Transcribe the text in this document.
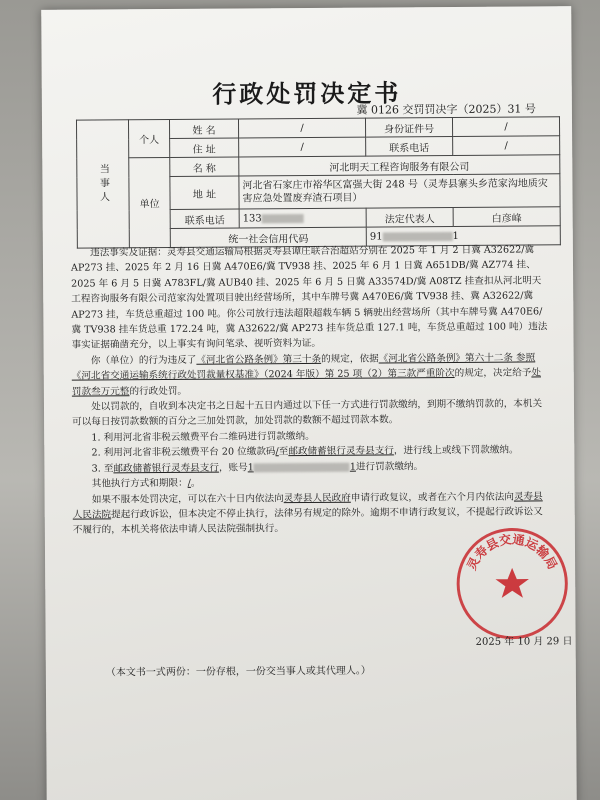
行政处罚决定书
冀 0126 交罚罚决字（2025）31 号
当事人	个人	姓 名	/	身份证件号	/
		住 址	/	联系电话	/
	单位	名 称	河北明天工程咨询服务有限公司		
		地 址	河北省石家庄市裕华区富强大街 248 号（灵寿县寨头乡范家沟地质灾害应急处置废弃渣石项目）		
		联系电话	133	法定代表人	白彦峰
		统一社会信用代码		91 1	

违法事实及证据：灵寿县交通运输局根据灵寿县谭庄联合治超站分别在 2025 年 1 月 2 日冀 A32622/冀 AP273 挂、2025 年 2 月 16 日冀 A470E6/冀 TV938 挂、2025 年 6 月 1 日冀 A651DB/冀 AZ774 挂、2025 年 6 月 5 日冀 A783FL/冀 AUB40 挂、2025 年 6 月 5 日冀 A33574D/冀 A08TZ 挂查扣从河北明天工程咨询服务有限公司范家沟处置项目驶出经营场所，其中车牌号冀 A470E6/冀 TV938 挂、冀 A32622/冀 AP273 挂，车货总重超过 100 吨。你公司放行违法超限超载车辆 5 辆驶出经营场所（其中车牌号冀 A470E6/冀 TV938 挂车货总重 172.24 吨，冀 A32622/冀 AP273 挂车货总重 127.1 吨，车货总重超过 100 吨）违法事实证据确凿充分，以上事实有询问笔录、视听资料为证。

你（单位）的行为违反了《河北省公路条例》第三十条的规定，依据《河北省公路条例》第六十二条 参照《河北省交通运输系统行政处罚裁量权基准》（2024 年版）第 25 项（2）第三款严重阶次的规定，决定给予处罚款叁万元整的行政处罚。

处以罚款的，自收到本决定书之日起十五日内通过以下任一方式进行罚款缴纳，到期不缴纳罚款的，本机关可以每日按罚款数额的百分之三加处罚款，加处罚款的数额不超过罚款本数。

1. 利用河北省非税云缴费平台二维码进行罚款缴纳。

2. 利用河北省非税云缴费平台 20 位缴款码/至邮政储蓄银行灵寿县支行，进行线上或线下罚款缴纳。

3. 至邮政储蓄银行灵寿县支行，账号1	1进行罚款缴纳。

其他执行方式和期限：/。

如果不服本处罚决定，可以在六十日内依法向灵寿县人民政府申请行政复议，或者在六个月内依法向灵寿县人民法院提起行政诉讼，但本决定不停止执行，法律另有规定的除外。逾期不申请行政复议，不提起行政诉讼又不履行的，本机关将依法申请人民法院强制执行。

灵寿县交通运输局
2025 年 10 月 29 日
（本文书一式两份：一份存根，一份交当事人或其代理人。）
